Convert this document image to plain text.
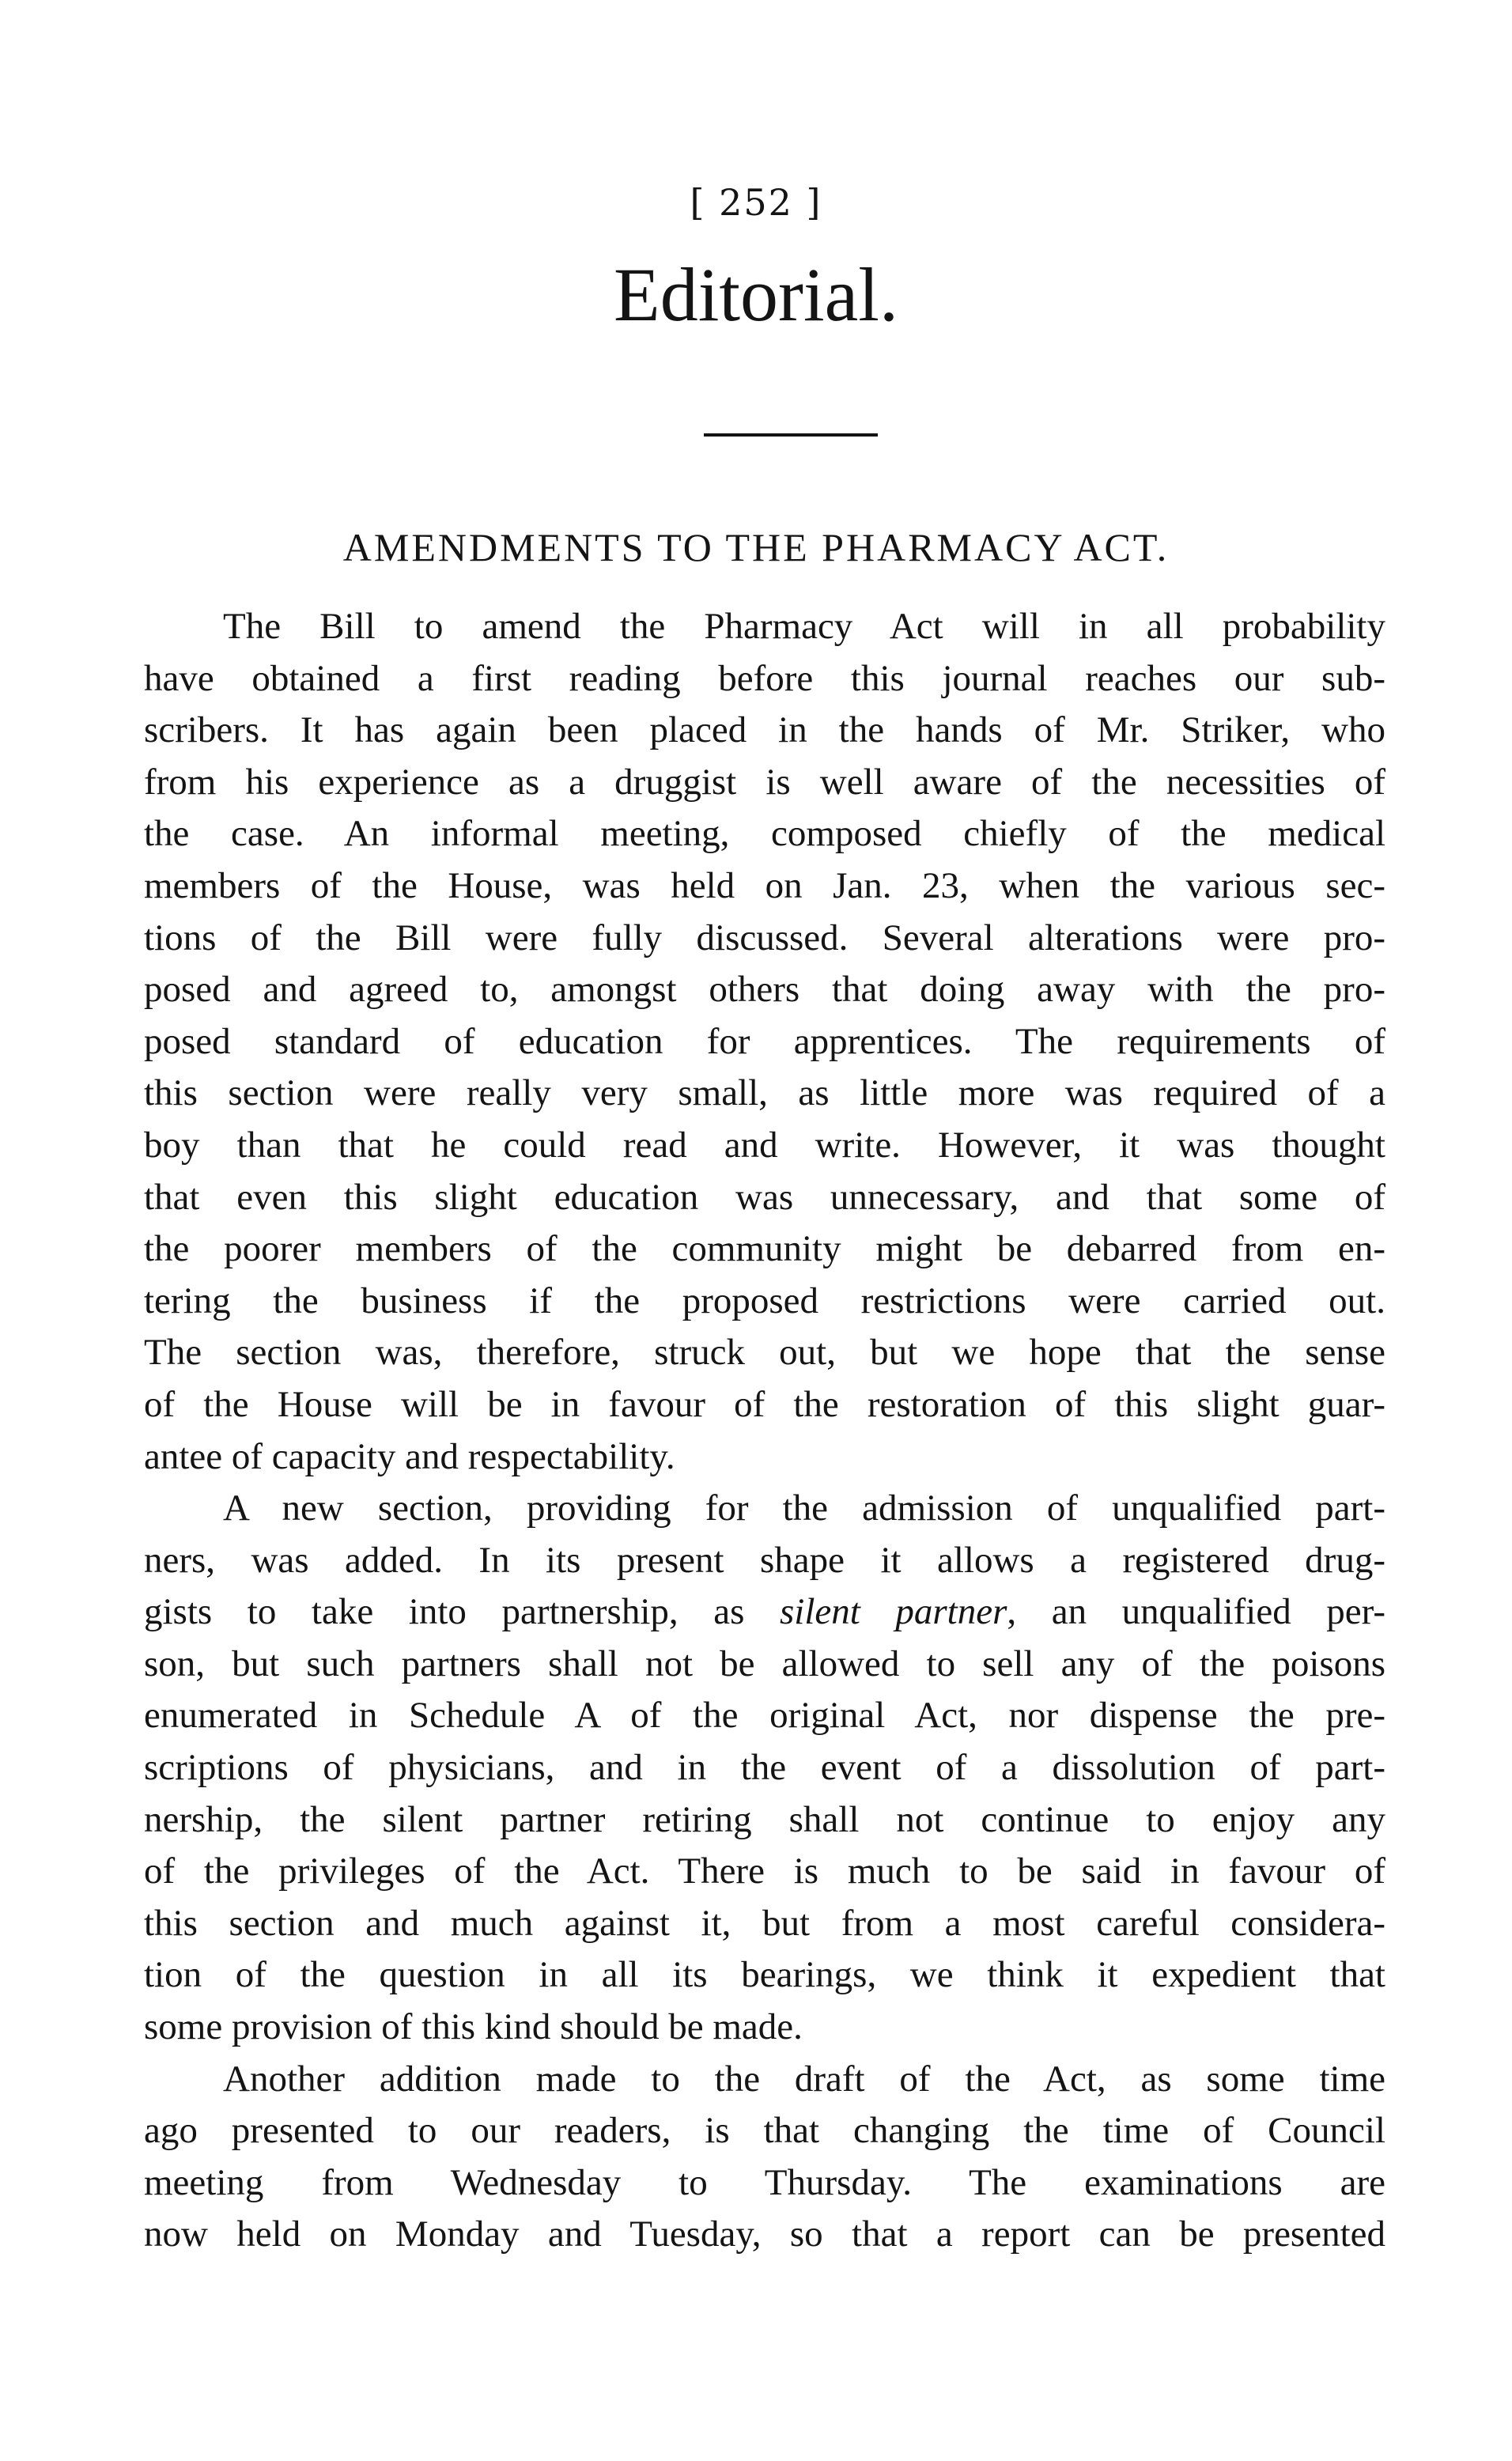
[ 252 ]
Editorial.
AMENDMENTS TO THE PHARMACY ACT.
The Bill to amend the Pharmacy Act will in all probability
have obtained a first reading before this journal reaches our sub-
scribers. It has again been placed in the hands of Mr. Striker, who
from his experience as a druggist is well aware of the necessities of
the case. An informal meeting, composed chiefly of the medical
members of the House, was held on Jan. 23, when the various sec-
tions of the Bill were fully discussed. Several alterations were pro-
posed and agreed to, amongst others that doing away with the pro-
posed standard of education for apprentices. The requirements of
this section were really very small, as little more was required of a
boy than that he could read and write. However, it was thought
that even this slight education was unnecessary, and that some of
the poorer members of the community might be debarred from en-
tering the business if the proposed restrictions were carried out.
The section was, therefore, struck out, but we hope that the sense
of the House will be in favour of the restoration of this slight guar-
antee of capacity and respectability.
A new section, providing for the admission of unqualified part-
ners, was added. In its present shape it allows a registered drug-
gists to take into partnership, as silent partner, an unqualified per-
son, but such partners shall not be allowed to sell any of the poisons
enumerated in Schedule A of the original Act, nor dispense the pre-
scriptions of physicians, and in the event of a dissolution of part-
nership, the silent partner retiring shall not continue to enjoy any
of the privileges of the Act. There is much to be said in favour of
this section and much against it, but from a most careful considera-
tion of the question in all its bearings, we think it expedient that
some provision of this kind should be made.
Another addition made to the draft of the Act, as some time
ago presented to our readers, is that changing the time of Council
meeting from Wednesday to Thursday. The examinations are
now held on Monday and Tuesday, so that a report can be presented
